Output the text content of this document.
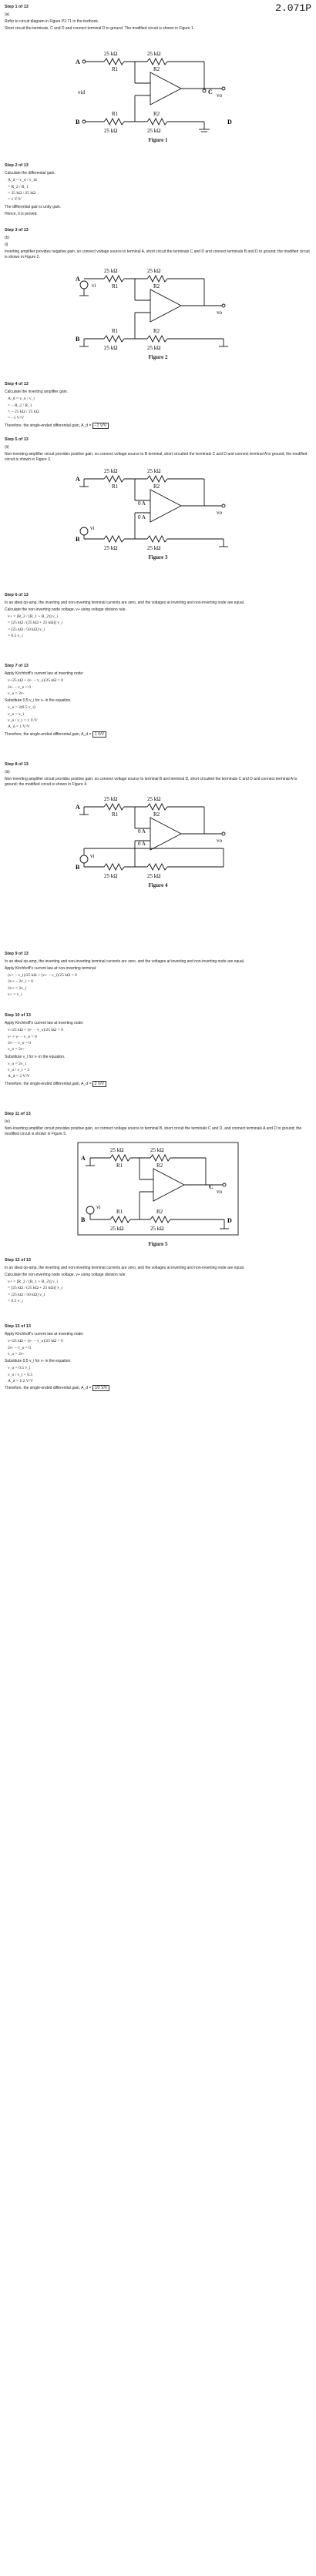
2.071P
Step 1 of 13
(a)
Refer to circuit diagram in Figure P2.71 in the textbook.
Short circuit the terminals, C and D and connect terminal D to ground. The modified circuit is shown in Figure 1.
A
B
C
D
25 kΩ	25 kΩ
R1	R2
R1	R2
25 kΩ	25 kΩ
vid	vo
Figure 1
Step 2 of 13
Calculate the differential gain.
A_d = v_o / v_id
= R_2 / R_1
= 25 kΩ / 25 kΩ
= 1 V/V
The differential gain is unity gain.
Hence, it is proved.
Step 3 of 13
(b)
(i)
Inverting amplifier provides negative gain, so connect voltage source to terminal A, short circuit the terminals C and D and connect terminals B and D to ground; the modified circuit is shown in Figure 2.
A
B
vi
25 kΩ	25 kΩ
R1	R2
R1	R2
25 kΩ	25 kΩ
vo
Figure 2
Step 4 of 13
Calculate the inverting amplifier gain.
A_d = v_o / v_i
= − R_2 / R_1
= − 25 kΩ / 25 kΩ
= −1 V/V
Therefore, the single-ended differential gain, A_d = −1 V/V
Step 5 of 13
(ii)
Non-inverting amplifier circuit provides positive gain, so connect voltage source to B terminal, short circuited the terminals C and D and connect terminal A to ground; the modified circuit is shown in Figure 3.
A
B
vi
0 A
0 A
25 kΩ	25 kΩ
R1	R2
25 kΩ	25 kΩ
vo
Figure 3
Step 6 of 13
In an ideal op-amp, the inverting and non-inverting terminal currents are zero, and the voltages at inverting and non-inverting node are equal.
Calculate the non-inverting node voltage, v+ using voltage division rule.
v+ = [R_2 / (R_1 + R_2)] v_i
= [25 kΩ / (25 kΩ + 25 kΩ)] v_i
= [25 kΩ / 50 kΩ] v_i
= 0.5 v_i
Step 7 of 13
Apply Kirchhoff's current law at inverting node:
v-/25 kΩ + (v- − v_o)/25 kΩ = 0
2v- − v_o = 0
v_o = 2v-
Substitute 0.5 v_i for v- in the equation.
v_o = 2(0.5 v_i)
v_o = v_i
v_o / v_i = 1 V/V
A_d = 1 V/V
Therefore, the single-ended differential gain, A_d = 1 V/V
Step 8 of 13
(iii)
Non-inverting amplifier circuit provides positive gain, so connect voltage source to terminal B and terminal D, short circuited the terminals C and D and connect terminal A to ground; the modified circuit is shown in Figure 4.
A
B
vi
0 A
0 A
25 kΩ	25 kΩ
R1	R2
25 kΩ	25 kΩ
vo
Figure 4
Step 9 of 13
In an ideal op-amp, the inverting and non-inverting terminal currents are zero, and the voltages at inverting and non-inverting node are equal.
Apply Kirchhoff's current law at non-inverting terminal:
(v+ − v_i)/25 kΩ + (v+ − v_i)/25 kΩ = 0
2v+ − 2v_i = 0
2v+ = 2v_i
v+ = v_i
Step 10 of 13
Apply Kirchhoff's current law at inverting node:
v-/25 kΩ + (v- − v_o)/25 kΩ = 0
v- + v- − v_o = 0
2v- − v_o = 0
v_o = 2v-
Substitute v_i for v- in the equation.
v_o = 2v_i
v_o / v_i = 2
A_d = 2 V/V
Therefore, the single-ended differential gain, A_d = 2 V/V
Step 11 of 13
(iv)
Non-inverting amplifier circuit provides positive gain, so connect voltage source to terminal B, short circuit the terminals C and D, and connect terminals A and D to ground; the modified circuit is shown in Figure 5.
A
B
vi
C
D
25 kΩ	25 kΩ
R1	R2
R1	R2
25 kΩ	25 kΩ
vo
Figure 5
Step 12 of 13
In an ideal op-amp, the inverting and non-inverting terminal currents are zero, and the voltages at inverting and non-inverting node are equal.
Calculate the non-inverting node voltage, v+ using voltage division rule.
v+ = [R_2 / (R_1 + R_2)] v_i
= [25 kΩ / (25 kΩ + 25 kΩ)] v_i
= [25 kΩ / 50 kΩ] v_i
= 0.5 v_i
Step 13 of 13
Apply Kirchhoff's current law at inverting node:
v-/25 kΩ + (v- − v_o)/25 kΩ = 0
2v- − v_o = 0
v_o = 2v-
Substitute 0.5 v_i for v- in the equation.
v_o = 0.5 v_i
v_o / v_i = 0.5
A_d = 1/2 V/V
Therefore, the single-ended differential gain, A_d = 1/2 V/V
